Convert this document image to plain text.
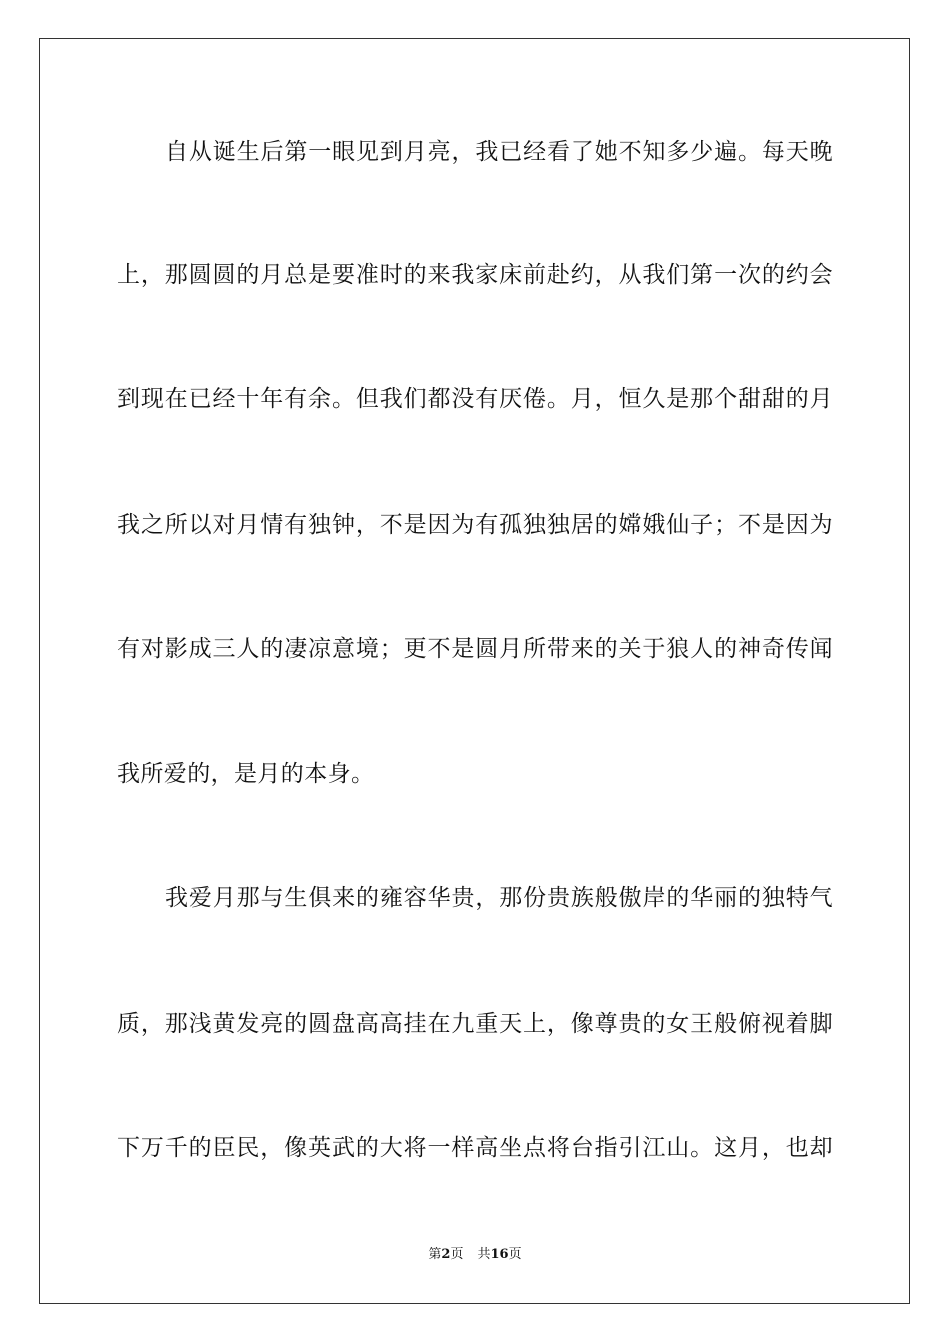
自从诞生后第一眼见到月亮，我已经看了她不知多少遍。每天晚
上，那圆圆的月总是要准时的来我家床前赴约，从我们第一次的约会
到现在已经十年有余。但我们都没有厌倦。月，恒久是那个甜甜的月
我之所以对月情有独钟，不是因为有孤独独居的嫦娥仙子；不是因为
有对影成三人的凄凉意境；更不是圆月所带来的关于狼人的神奇传闻
我所爱的，是月的本身。
我爱月那与生俱来的雍容华贵，那份贵族般傲岸的华丽的独特气
质，那浅黄发亮的圆盘高高挂在九重天上，像尊贵的女王般俯视着脚
下万千的臣民，像英武的大将一样高坐点将台指引江山。这月，也却
第2页 共16页
